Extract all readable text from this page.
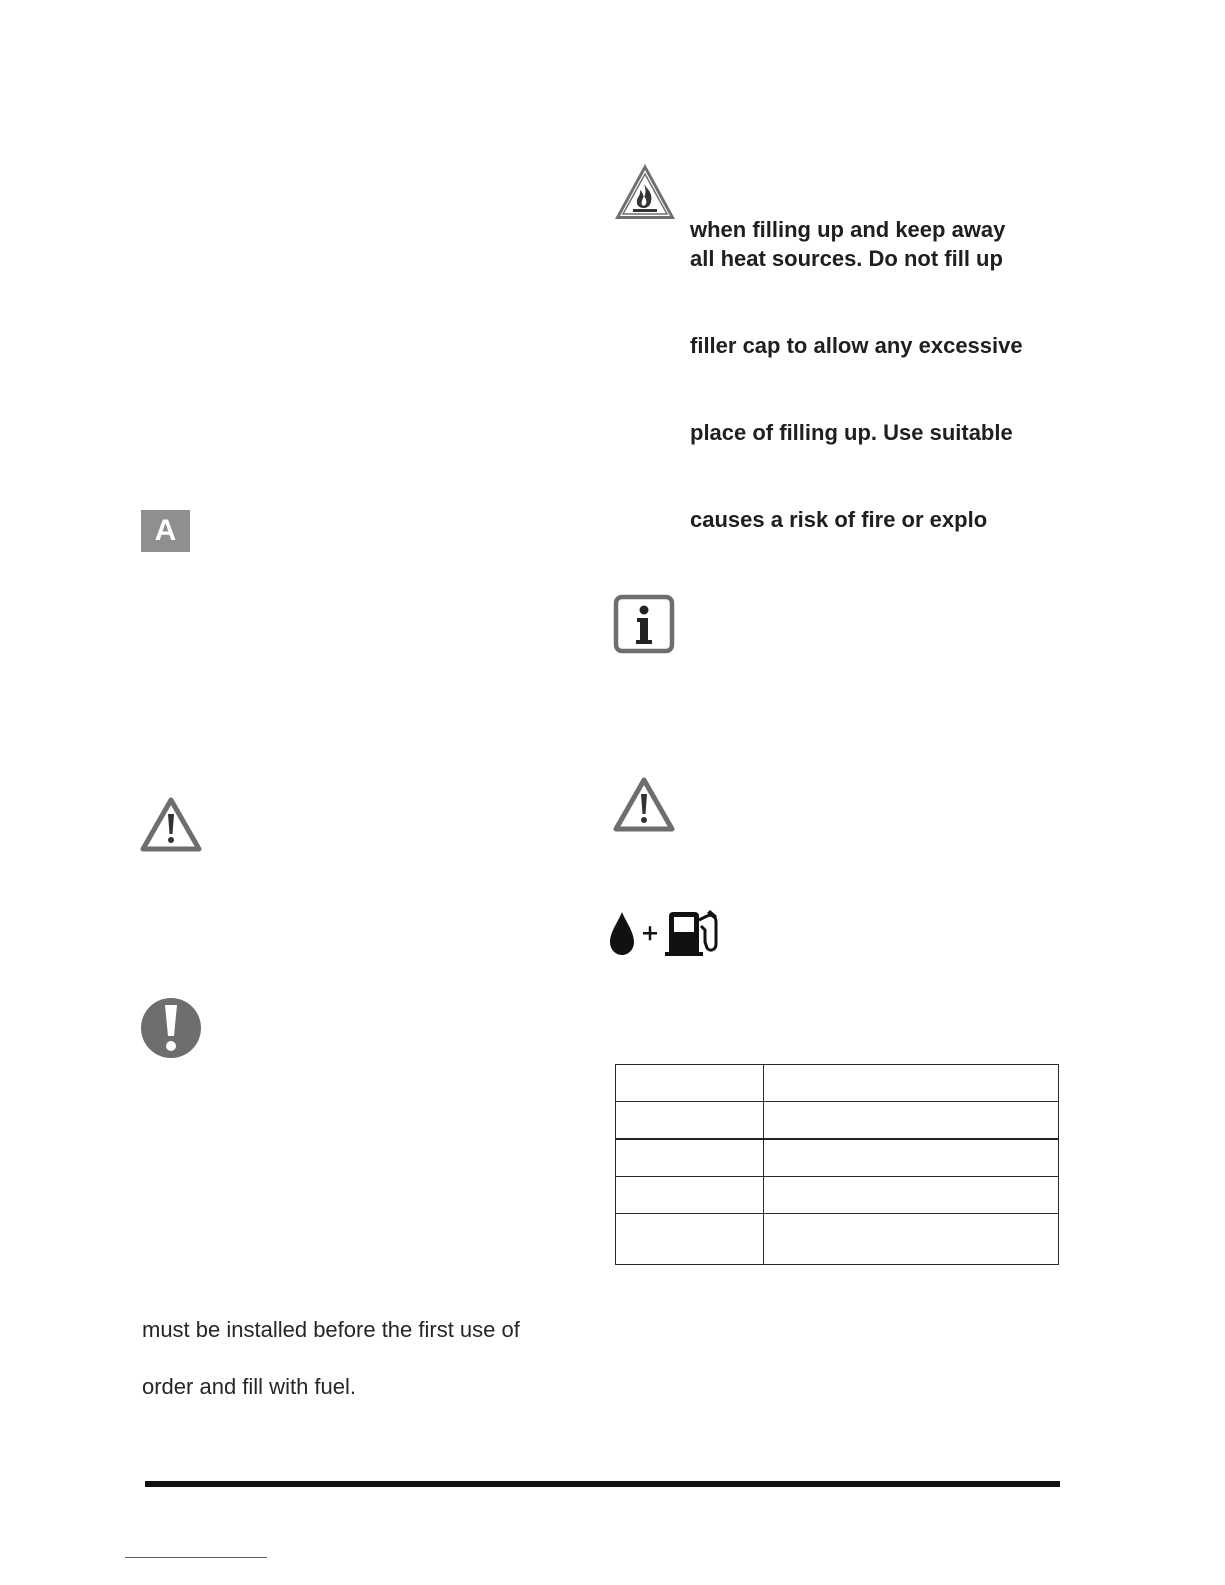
when filling up and keep away
all heat sources. Do not fill up
filler cap to allow any excessive
place of filling up. Use suitable
causes a risk of fire or explo

A
must be installed before the first use of
order and fill with fuel.
